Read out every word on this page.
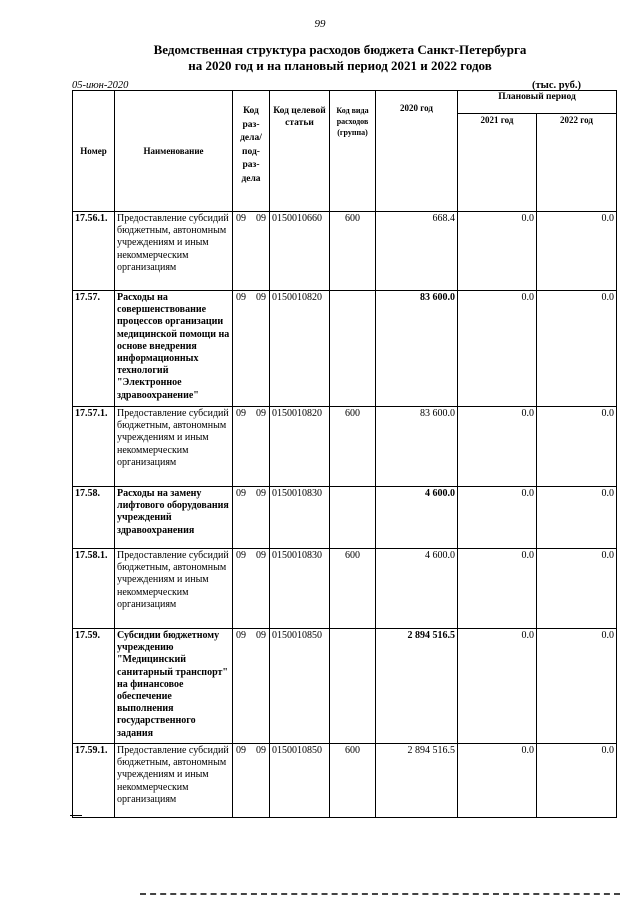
99
Ведомственная структура расходов бюджета Санкт-Петербурга
на 2020 год и на плановый период 2021 и 2022 годов
05-июн-2020	(тыс. руб.)
Номер	Наименование	Код раз-дела/ под-раз-дела	Код целевой статьи	Код вида расходов (группа)	2020 год	Плановый период	
						2021 год	2022 год
17.56.1.	Предоставление субсидий бюджетным, автономным учреждениям и иным некоммерческим организациям	09 09	0150010660	600	668.4	0.0	0.0
17.57.	Расходы на совершенствование процессов организации медицинской помощи на основе внедрения информационных технологий "Электронное здравоохранение"	09 09	0150010820		83 600.0	0.0	0.0
17.57.1.	Предоставление субсидий бюджетным, автономным учреждениям и иным некоммерческим организациям	09 09	0150010820	600	83 600.0	0.0	0.0
17.58.	Расходы на замену лифтового оборудования учреждений здравоохранения	09 09	0150010830		4 600.0	0.0	0.0
17.58.1.	Предоставление субсидий бюджетным, автономным учреждениям и иным некоммерческим организациям	09 09	0150010830	600	4 600.0	0.0	0.0
17.59.	Субсидии бюджетному учреждению "Медицинский санитарный транспорт" на финансовое обеспечение выполнения государственного задания	09 09	0150010850		2 894 516.5	0.0	0.0
17.59.1.	Предоставление субсидий бюджетным, автономным учреждениям и иным некоммерческим организациям	09 09	0150010850	600	2 894 516.5	0.0	0.0
